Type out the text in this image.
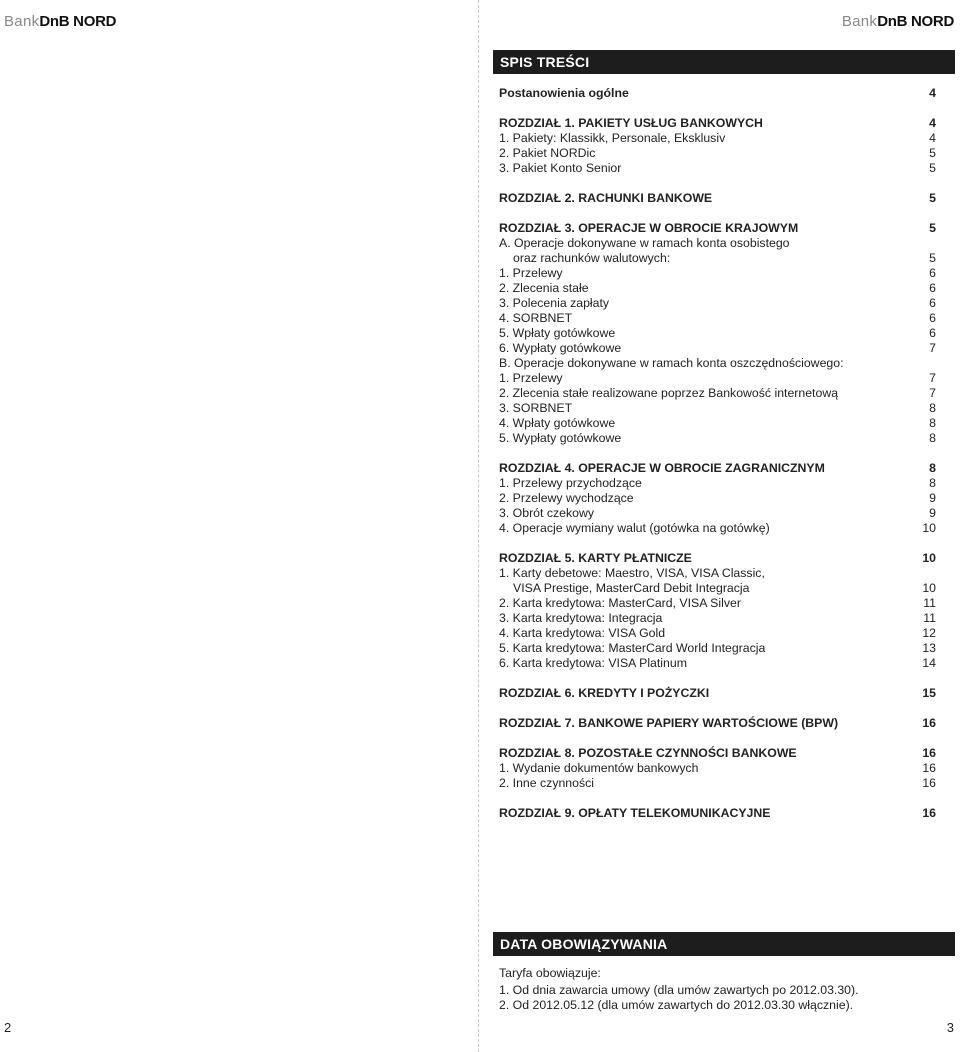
BankDnB NORD	BankDnB NORD
SPIS TREŚCI
Postanowienia ogólne	4
ROZDZIAŁ 1. PAKIETY USŁUG BANKOWYCH	4
1. Pakiety: Klassikk, Personale, Eksklusiv	4
2. Pakiet NORDic	5
3. Pakiet Konto Senior	5
ROZDZIAŁ 2. RACHUNKI BANKOWE	5
ROZDZIAŁ 3. OPERACJE W OBROCIE KRAJOWYM	5
A. Operacje dokonywane w ramach konta osobistego
oraz rachunków walutowych:	5
1. Przelewy	6
2. Zlecenia stałe	6
3. Polecenia zapłaty	6
4. SORBNET	6
5. Wpłaty gotówkowe	6
6. Wypłaty gotówkowe	7
B. Operacje dokonywane w ramach konta oszczędnościowego:
1. Przelewy	7
2. Zlecenia stałe realizowane poprzez Bankowość internetową	7
3. SORBNET	8
4. Wpłaty gotówkowe	8
5. Wypłaty gotówkowe	8
ROZDZIAŁ 4. OPERACJE W OBROCIE ZAGRANICZNYM	8
1. Przelewy przychodzące	8
2. Przelewy wychodzące	9
3. Obrót czekowy	9
4. Operacje wymiany walut (gotówka na gotówkę)	10
ROZDZIAŁ 5. KARTY PŁATNICZE	10
1. Karty debetowe: Maestro, VISA, VISA Classic,
VISA Prestige, MasterCard Debit Integracja	10
2. Karta kredytowa: MasterCard, VISA Silver	11
3. Karta kredytowa: Integracja	11
4. Karta kredytowa: VISA Gold	12
5. Karta kredytowa: MasterCard World Integracja	13
6. Karta kredytowa: VISA Platinum	14
ROZDZIAŁ 6. KREDYTY I POŻYCZKI	15
ROZDZIAŁ 7. BANKOWE PAPIERY WARTOŚCIOWE (BPW)	16
ROZDZIAŁ 8. POZOSTAŁE CZYNNOŚCI BANKOWE	16
1. Wydanie dokumentów bankowych	16
2. Inne czynności	16
ROZDZIAŁ 9. OPŁATY TELEKOMUNIKACYJNE	16
DATA OBOWIĄZYWANIA
Taryfa obowiązuje:
1. Od dnia zawarcia umowy (dla umów zawartych po 2012.03.30).
2. Od 2012.05.12 (dla umów zawartych do 2012.03.30 włącznie).
2	3
